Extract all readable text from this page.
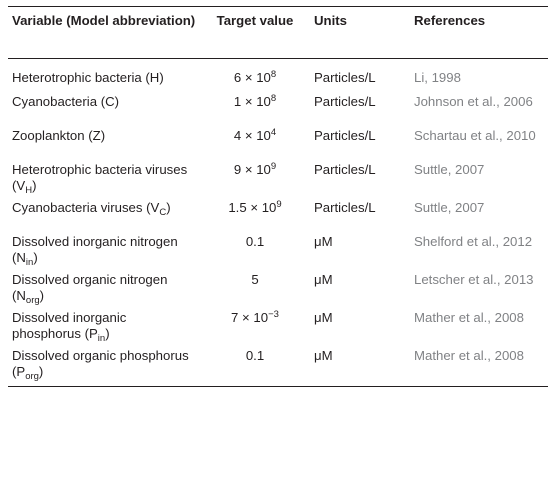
Variable (Model abbreviation)	Target value	Units	References

Heterotrophic bacteria (H)	$6 \times 10^8$	Particles/L	Li, 1998
Cyanobacteria (C)	$1 \times 10^8$	Particles/L	Johnson et al., 2006
Zooplankton (Z)	$4 \times 10^4$	Particles/L	Schartau et al., 2010
Heterotrophic bacteria viruses $(V_H)$	$9 \times 10^9$	Particles/L	Suttle, 2007
Cyanobacteria viruses $(V_C)$	$1.5 \times 10^9$	Particles/L	Suttle, 2007
Dissolved inorganic nitrogen $(N_{in})$	0.1	μM	Shelford et al., 2012
Dissolved organic nitrogen $(N_{org})$	5	μM	Letscher et al., 2013
Dissolved inorganic phosphorus $(P_{in})$	$7 \times 10^{-3}$	μM	Mather et al., 2008
Dissolved organic phosphorus $(P_{org})$	0.1	μM	Mather et al., 2008
